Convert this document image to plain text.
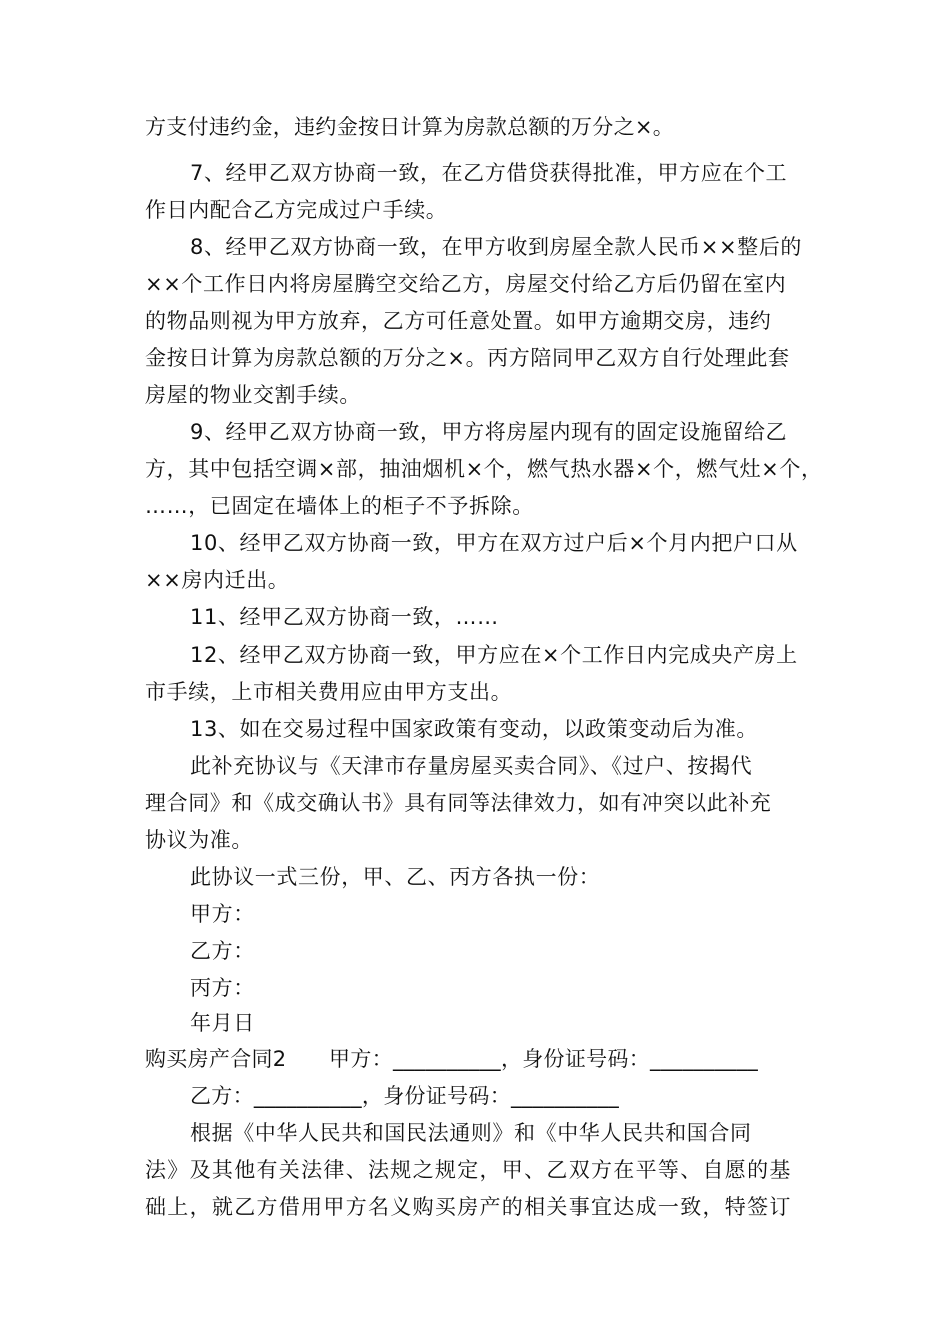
方支付违约金，违约金按日计算为房款总额的万分之×。
7、经甲乙双方协商一致，在乙方借贷获得批准，甲方应在个工
作日内配合乙方完成过户手续。
8、经甲乙双方协商一致，在甲方收到房屋全款人民币××整后的
××个工作日内将房屋腾空交给乙方，房屋交付给乙方后仍留在室内
的物品则视为甲方放弃，乙方可任意处置。如甲方逾期交房，违约
金按日计算为房款总额的万分之×。丙方陪同甲乙双方自行处理此套
房屋的物业交割手续。
9、经甲乙双方协商一致，甲方将房屋内现有的固定设施留给乙
方，其中包括空调×部，抽油烟机×个，燃气热水器×个，燃气灶×个，
……，已固定在墙体上的柜子不予拆除。
10、经甲乙双方协商一致，甲方在双方过户后×个月内把户口从
××房内迁出。
11、经甲乙双方协商一致，……
12、经甲乙双方协商一致，甲方应在×个工作日内完成央产房上
市手续，上市相关费用应由甲方支出。
13、如在交易过程中国家政策有变动，以政策变动后为准。
此补充协议与《天津市存量房屋买卖合同》、《过户、按揭代
理合同》和《成交确认书》具有同等法律效力，如有冲突以此补充
协议为准。
此协议一式三份，甲、乙、丙方各执一份：
甲方：
乙方：
丙方：
年月日
购买房产合同2　　甲方：__________，身份证号码：__________
乙方：__________，身份证号码：__________
根据《中华人民共和国民法通则》和《中华人民共和国合同
法》及其他有关法律、法规之规定，甲、乙双方在平等、自愿的基
础上，就乙方借用甲方名义购买房产的相关事宜达成一致，特签订
